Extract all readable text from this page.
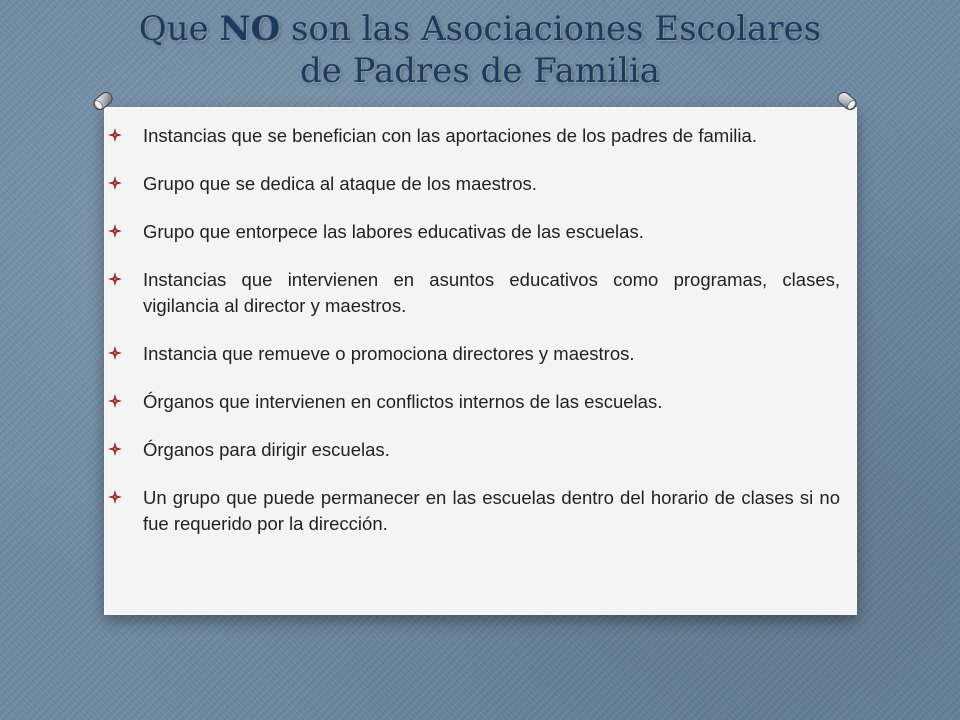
Que NO son las Asociaciones Escolares
de Padres de Familia
Instancias que se benefician con las aportaciones de los padres de familia.
Grupo que se dedica al ataque de los maestros.
Grupo que entorpece las labores educativas de las escuelas.
Instancias que intervienen en asuntos educativos como programas, clases, vigilancia al director y maestros.
Instancia que remueve o promociona directores y maestros.
Órganos que intervienen en conflictos internos de las escuelas.
Órganos para dirigir escuelas.
Un grupo que puede permanecer en las escuelas dentro del horario de clases si no fue requerido por la dirección.
